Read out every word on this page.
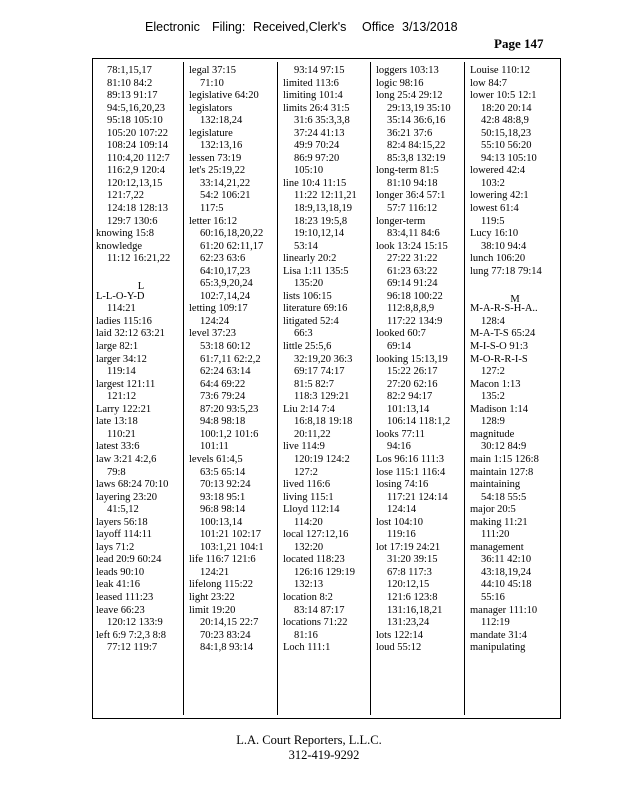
Electronic

Filing:

Received,Clerk's

Office

3/13/2018

Page 147
78:1,15,17
81:10 84:2
89:13 91:17
94:5,16,20,23
95:18 105:10
105:20 107:22
108:24 109:14
110:4,20 112:7
116:2,9 120:4
120:12,13,15
121:7,22
124:18 128:13
129:7 130:6
knowing 15:8
knowledge
11:12 16:21,22
L
L-L-O-Y-D
114:21
ladies 115:16
laid 32:12 63:21
large 82:1
larger 34:12
119:14
largest 121:11
121:12
Larry 122:21
late 13:18
110:21
latest 33:6
law 3:21 4:2,6
79:8
laws 68:24 70:10
layering 23:20
41:5,12
layers 56:18
layoff 114:11
lays 71:2
lead 20:9 60:24
leads 90:10
leak 41:16
leased 111:23
leave 66:23
120:12 133:9
left 6:9 7:2,3 8:8
77:12 119:7
legal 37:15
71:10
legislative 64:20
legislators
132:18,24
legislature
132:13,16
lessen 73:19
let's 25:19,22
33:14,21,22
54:2 106:21
117:5
letter 16:12
60:16,18,20,22
61:20 62:11,17
62:23 63:6
64:10,17,23
65:3,9,20,24
102:7,14,24
letting 109:17
124:24
level 37:23
53:18 60:12
61:7,11 62:2,2
62:24 63:14
64:4 69:22
73:6 79:24
87:20 93:5,23
94:8 98:18
100:1,2 101:6
101:11
levels 61:4,5
63:5 65:14
70:13 92:24
93:18 95:1
96:8 98:14
100:13,14
101:21 102:17
103:1,21 104:1
life 116:7 121:6
124:21
lifelong 115:22
light 23:22
limit 19:20
20:14,15 22:7
70:23 83:24
84:1,8 93:14
93:14 97:15
limited 113:6
limiting 101:4
limits 26:4 31:5
31:6 35:3,3,8
37:24 41:13
49:9 70:24
86:9 97:20
105:10
line 10:4 11:15
11:22 12:11,21
18:9,13,18,19
18:23 19:5,8
19:10,12,14
53:14
linearly 20:2
Lisa 1:11 135:5
135:20
lists 106:15
literature 69:16
litigated 52:4
66:3
little 25:5,6
32:19,20 36:3
69:17 74:17
81:5 82:7
118:3 129:21
Liu 2:14 7:4
16:8,18 19:18
20:11,22
live 114:9
120:19 124:2
127:2
lived 116:6
living 115:1
Lloyd 112:14
114:20
local 127:12,16
132:20
located 118:23
126:16 129:19
132:13
location 8:2
83:14 87:17
locations 71:22
81:16
Loch 111:1
loggers 103:13
logic 98:16
long 25:4 29:12
29:13,19 35:10
35:14 36:6,16
36:21 37:6
82:4 84:15,22
85:3,8 132:19
long-term 81:5
81:10 94:18
longer 36:4 57:1
57:7 116:12
longer-term
83:4,11 84:6
look 13:24 15:15
27:22 31:22
61:23 63:22
69:14 91:24
96:18 100:22
112:8,8,8,9
117:22 134:9
looked 60:7
69:14
looking 15:13,19
15:22 26:17
27:20 62:16
82:2 94:17
101:13,14
106:14 118:1,2
looks 77:11
94:16
Los 96:16 111:3
lose 115:1 116:4
losing 74:16
117:21 124:14
124:14
lost 104:10
119:16
lot 17:19 24:21
31:20 39:15
67:8 117:3
120:12,15
121:6 123:8
131:16,18,21
131:23,24
lots 122:14
loud 55:12
Louise 110:12
low 84:7
lower 10:5 12:1
18:20 20:14
42:8 48:8,9
50:15,18,23
55:10 56:20
94:13 105:10
lowered 42:4
103:2
lowering 42:1
lowest 61:4
119:5
Lucy 16:10
38:10 94:4
lunch 106:20
lung 77:18 79:14
M
M-A-R-S-H-A..
128:4
M-A-T-S 65:24
M-I-S-O 91:3
M-O-R-R-I-S
127:2
Macon 1:13
135:2
Madison 1:14
128:9
magnitude
30:12 84:9
main 1:15 126:8
maintain 127:8
maintaining
54:18 55:5
major 20:5
making 11:21
111:20
management
36:11 42:10
43:18,19,24
44:10 45:18
55:16
manager 111:10
112:19
mandate 31:4
manipulating
L.A. Court Reporters, L.L.C.
312-419-9292
